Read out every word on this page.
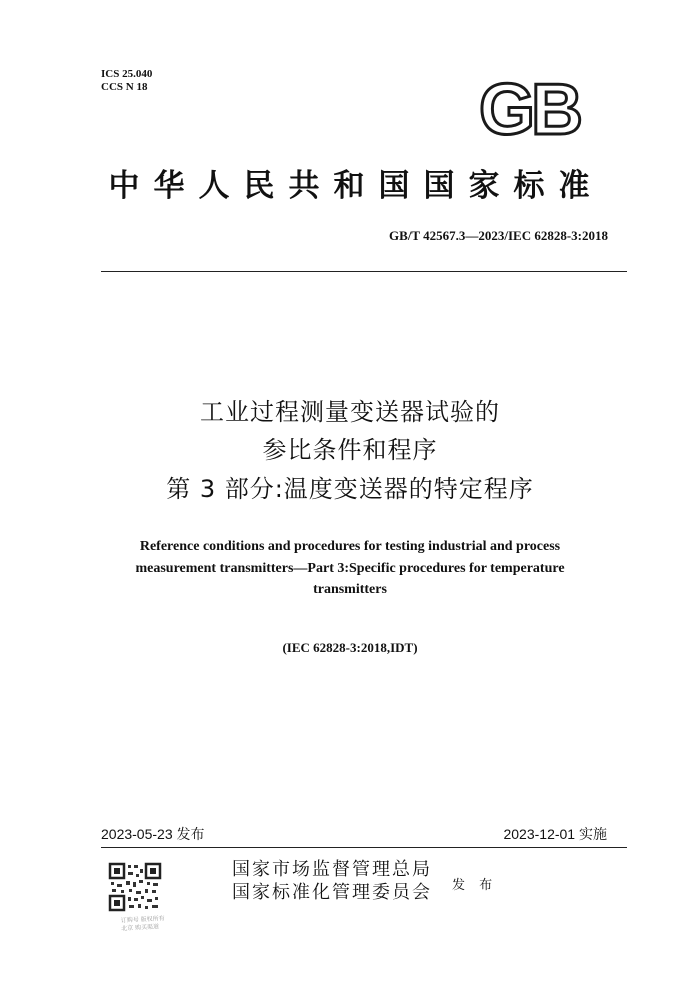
ICS 25.040
CCS N 18	GB
中华人民共和国国家标准
GB/T 42567.3—2023/IEC 62828-3:2018
工业过程测量变送器试验的
参比条件和程序
第 3 部分:温度变送器的特定程序
Reference conditions and procedures for testing industrial and process
measurement transmitters—Part 3:Specific procedures for temperature
transmitters
(IEC 62828-3:2018,IDT)
2023-05-23 发布	2023-12-01 实施
订购号 版权所有
北京 购买渠道
国家市场监督管理总局
国家标准化管理委员会 发 布
